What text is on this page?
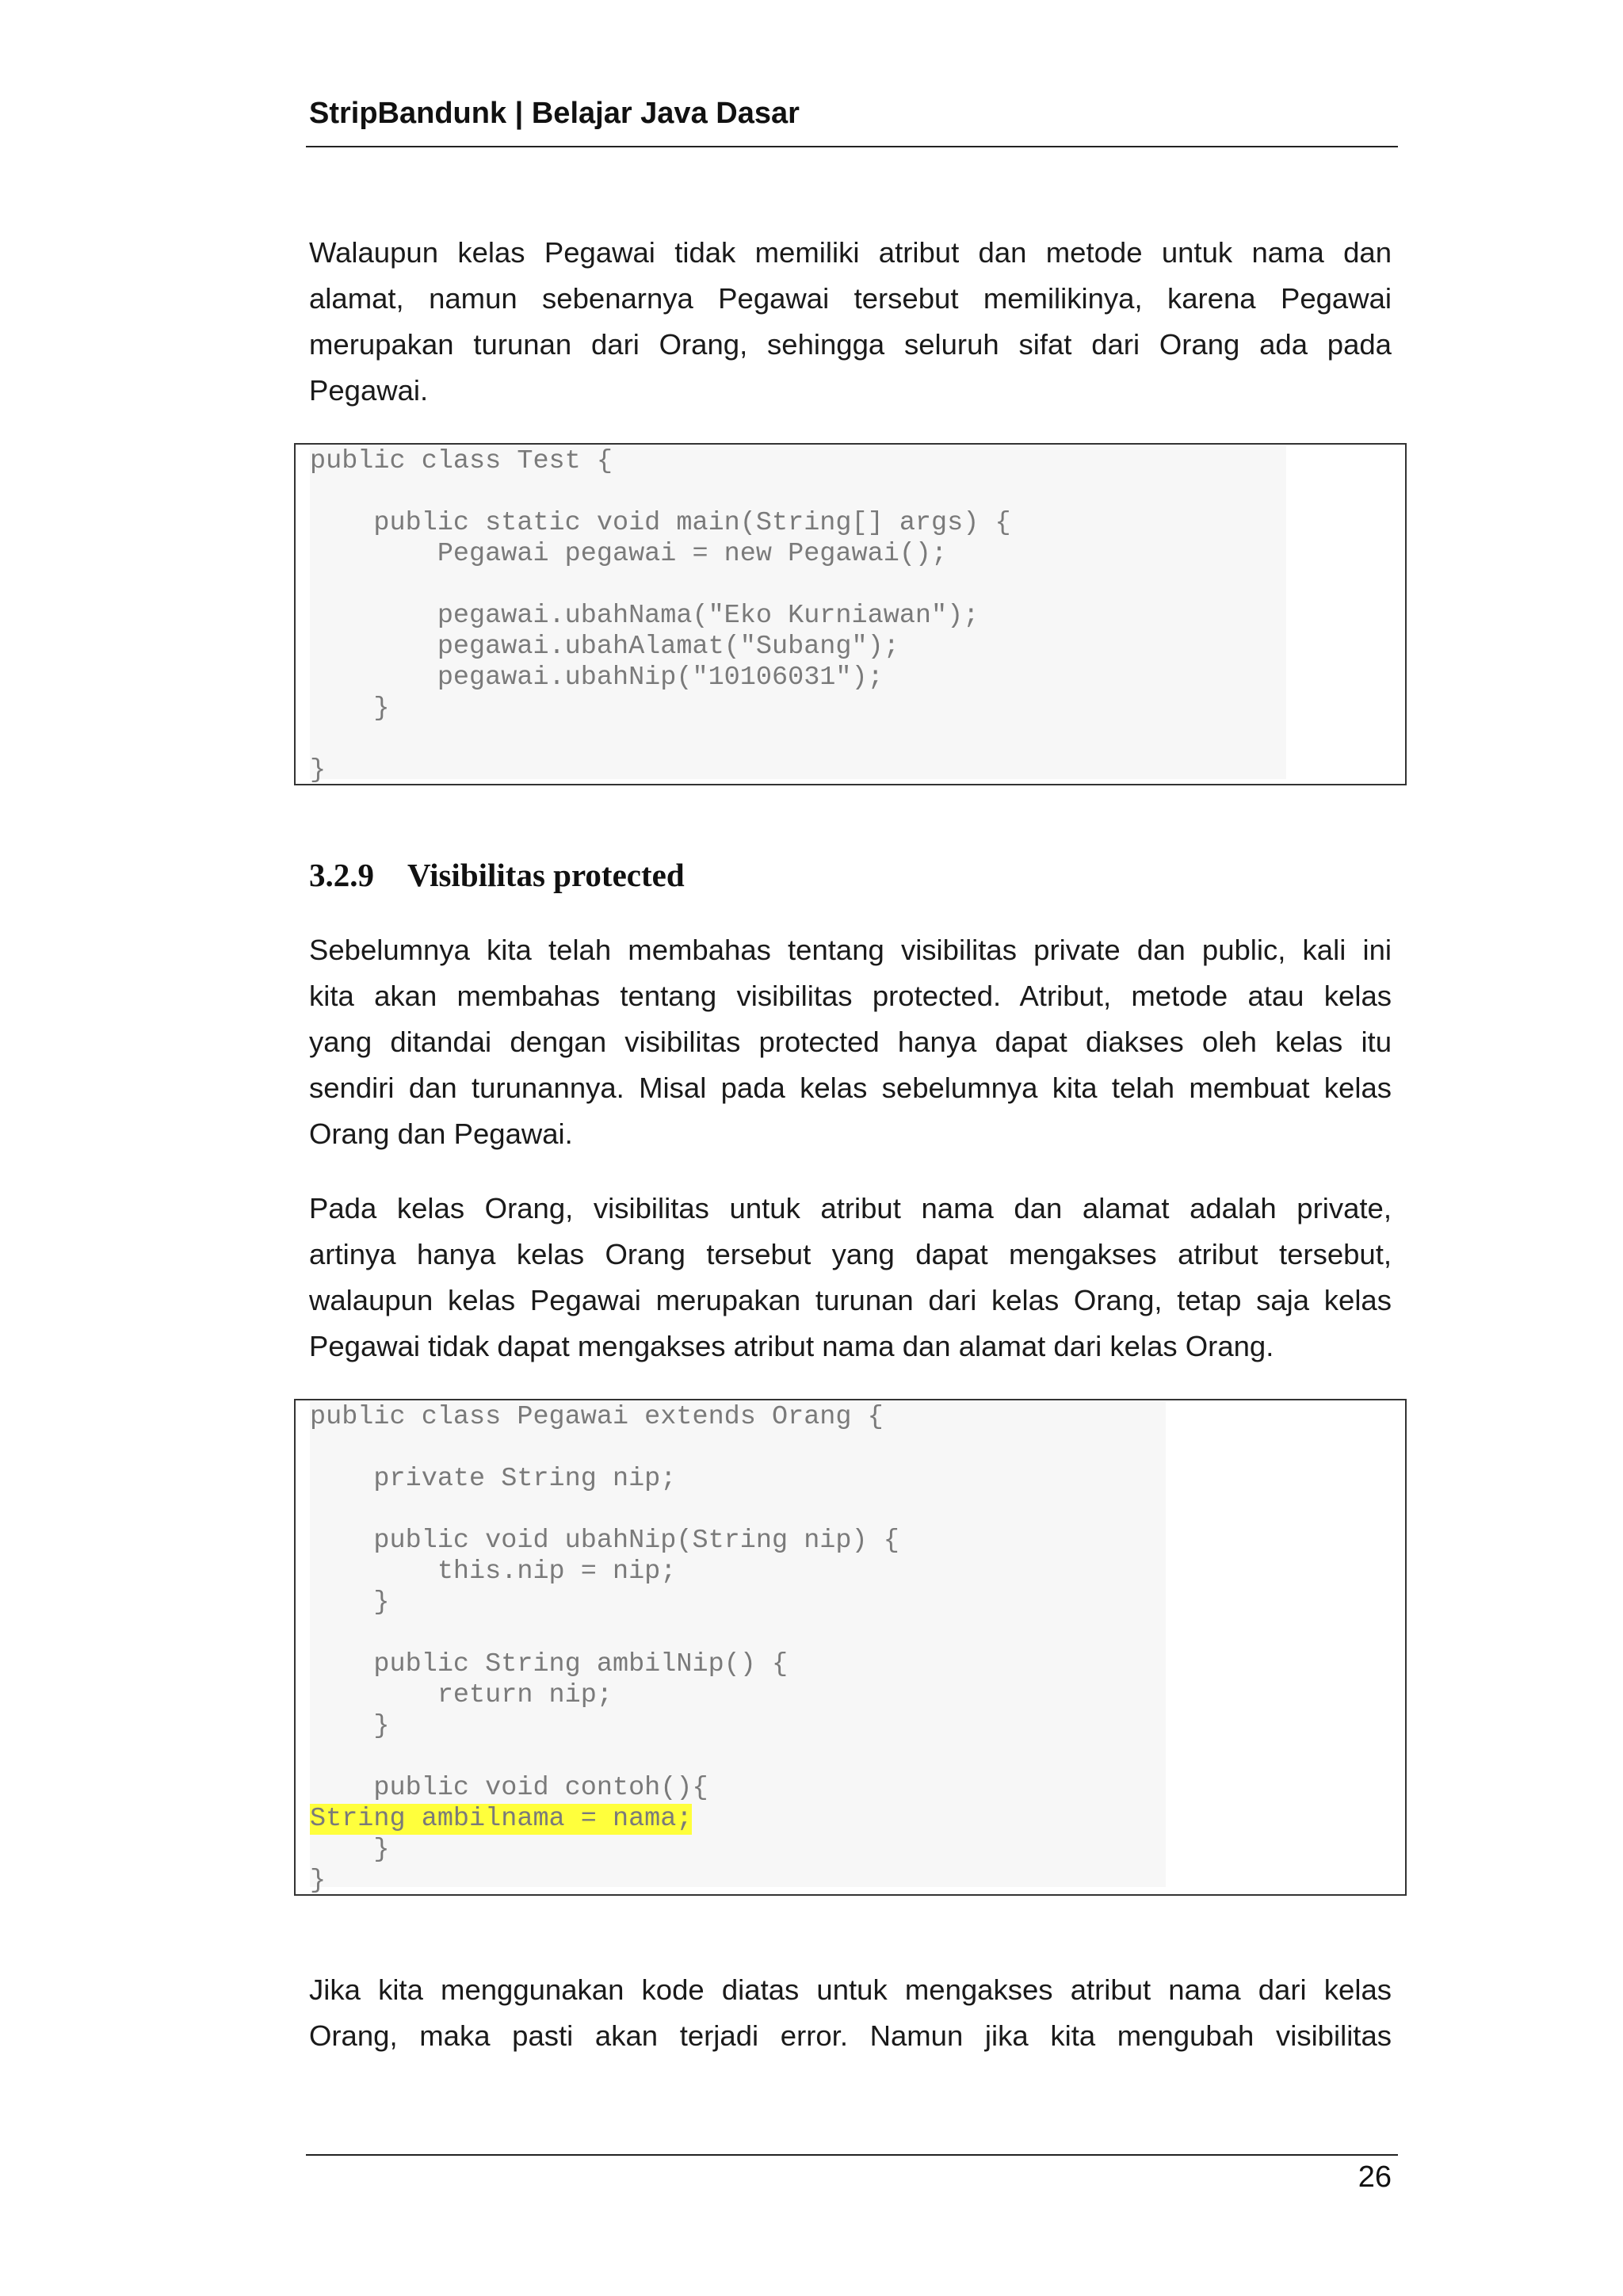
StripBandunk | Belajar Java Dasar
Walaupun kelas Pegawai tidak memiliki atribut dan metode untuk nama dan
alamat, namun sebenarnya Pegawai tersebut memilikinya, karena Pegawai
merupakan turunan dari Orang, sehingga seluruh sifat dari Orang ada pada
Pegawai.
public class Test {
public static void main(String[] args) {
Pegawai pegawai = new Pegawai();
pegawai.ubahNama("Eko Kurniawan");
pegawai.ubahAlamat("Subang");
pegawai.ubahNip("10106031");
}
}
3.2.9 Visibilitas protected
Sebelumnya kita telah membahas tentang visibilitas private dan public, kali ini
kita akan membahas tentang visibilitas protected. Atribut, metode atau kelas
yang ditandai dengan visibilitas protected hanya dapat diakses oleh kelas itu
sendiri dan turunannya. Misal pada kelas sebelumnya kita telah membuat kelas
Orang dan Pegawai.
Pada kelas Orang, visibilitas untuk atribut nama dan alamat adalah private,
artinya hanya kelas Orang tersebut yang dapat mengakses atribut tersebut,
walaupun kelas Pegawai merupakan turunan dari kelas Orang, tetap saja kelas
Pegawai tidak dapat mengakses atribut nama dan alamat dari kelas Orang.
public class Pegawai extends Orang {
private String nip;
public void ubahNip(String nip) {
this.nip = nip;
}
public String ambilNip() {
return nip;
}
public void contoh(){
String ambilnama = nama;
}
}
Jika kita menggunakan kode diatas untuk mengakses atribut nama dari kelas
Orang, maka pasti akan terjadi error. Namun jika kita mengubah visibilitas
26
